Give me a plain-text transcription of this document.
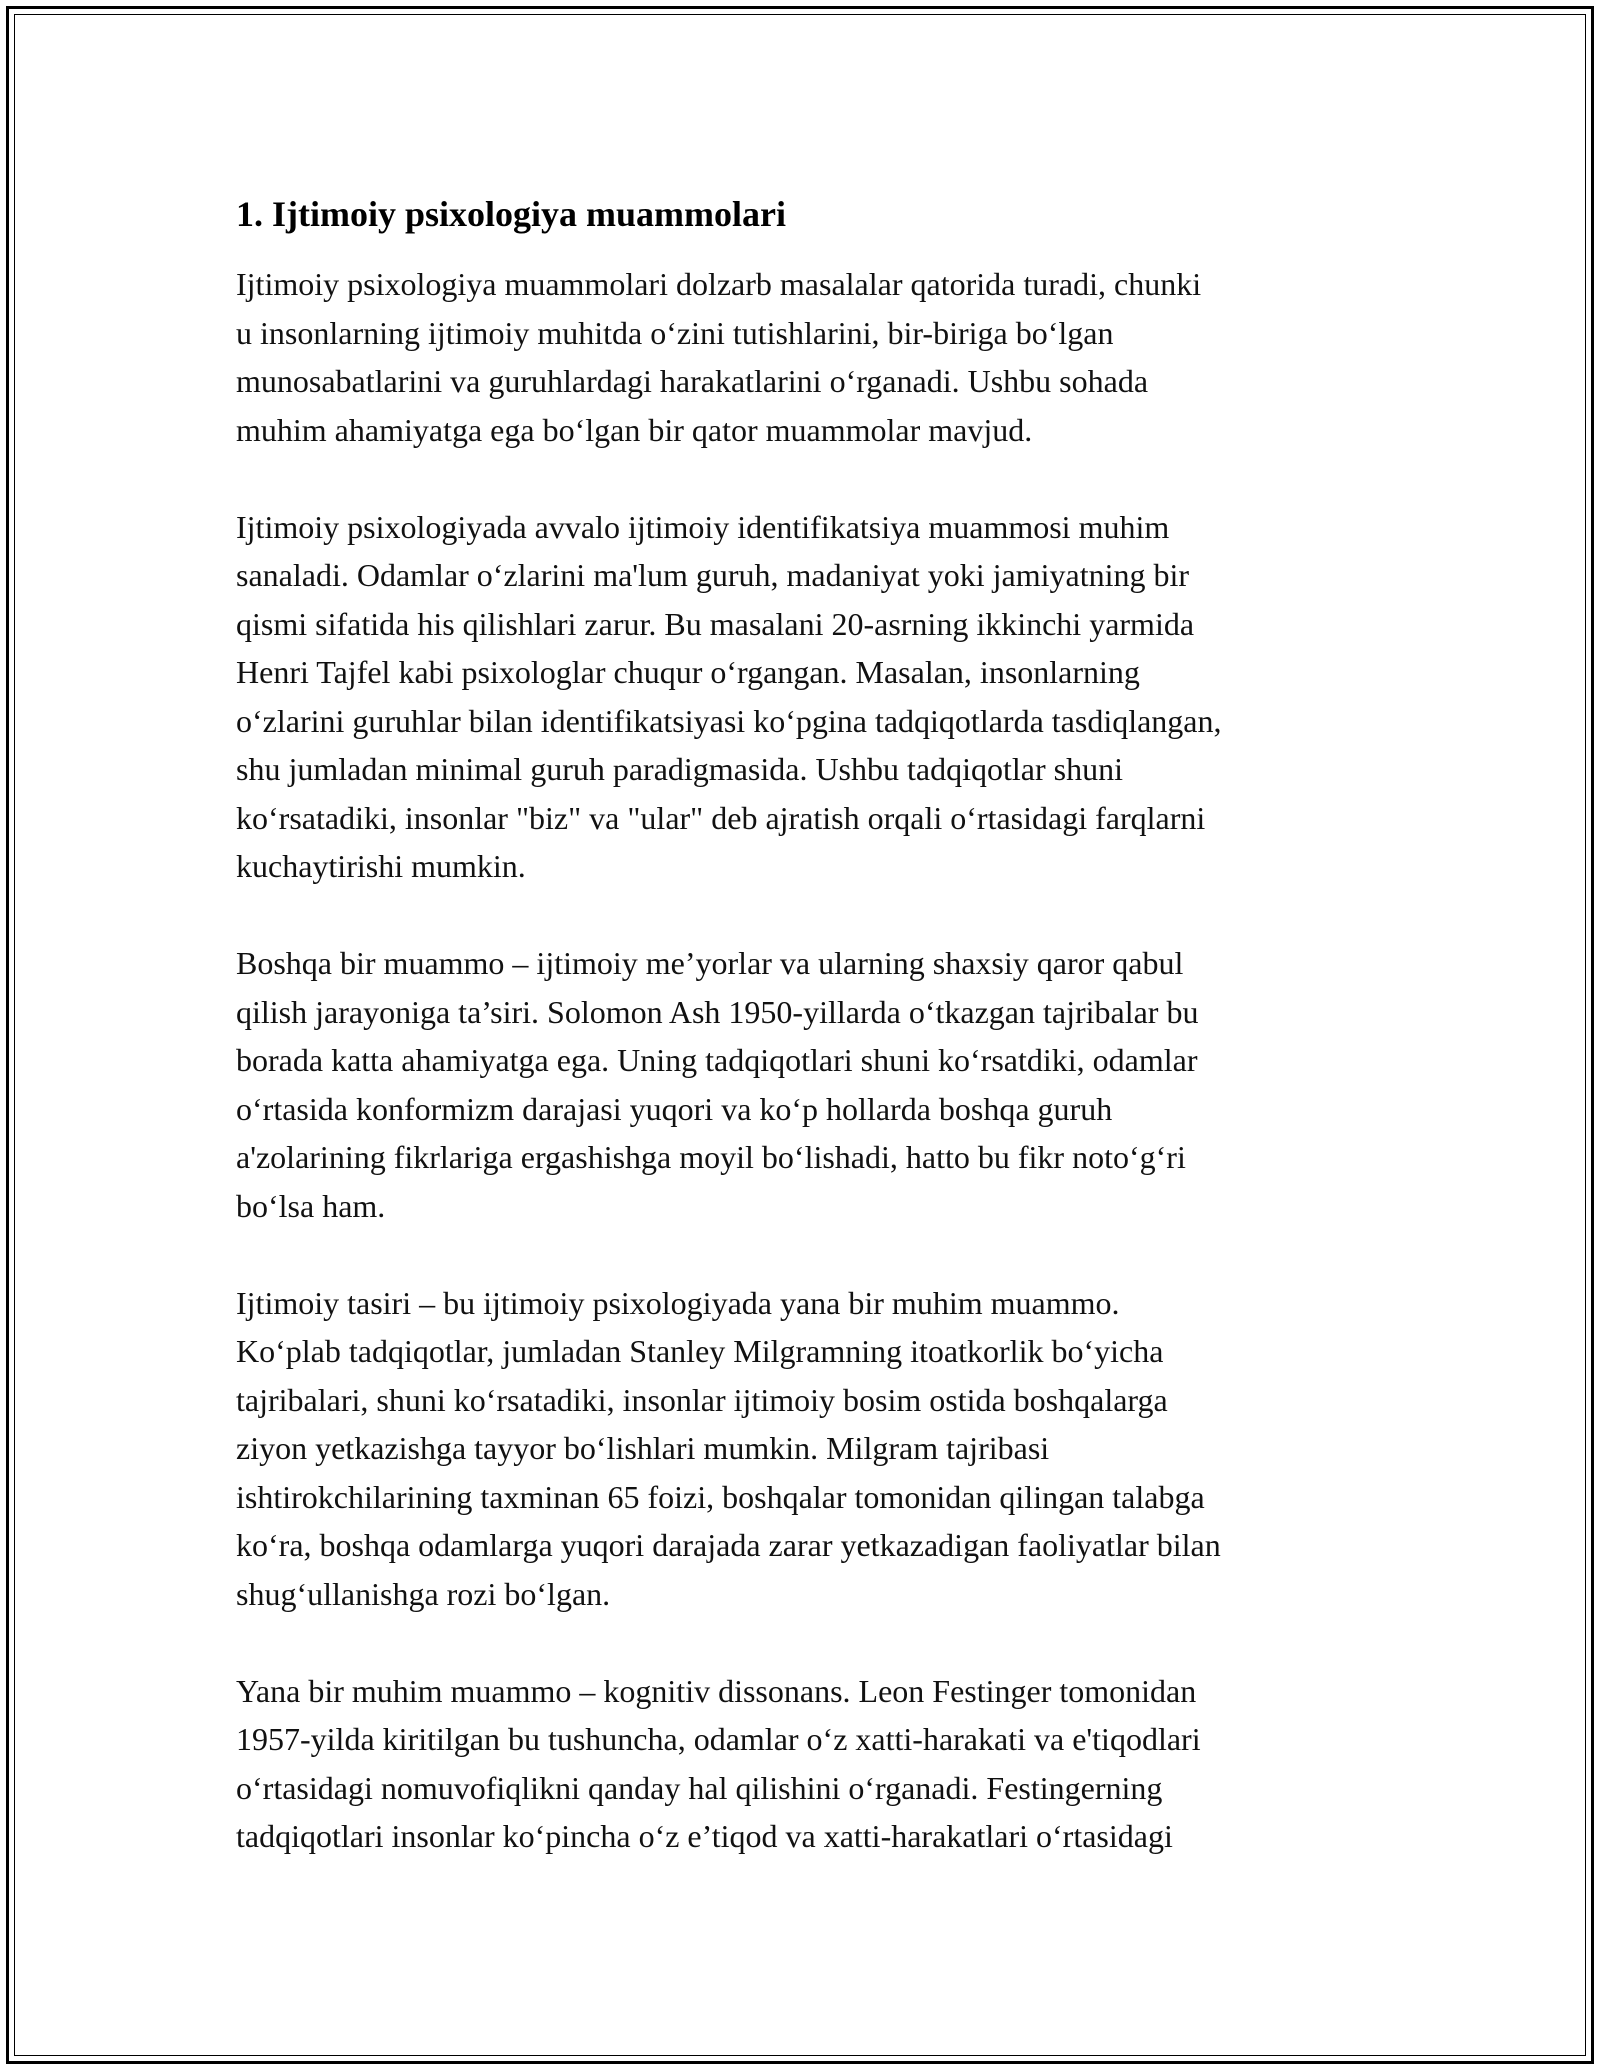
1. Ijtimoiy psixologiya muammolari
Ijtimoiy psixologiya muammolari dolzarb masalalar qatorida turadi, chunki
u insonlarning ijtimoiy muhitda o‘zini tutishlarini, bir-biriga bo‘lgan
munosabatlarini va guruhlardagi harakatlarini o‘rganadi. Ushbu sohada
muhim ahamiyatga ega bo‘lgan bir qator muammolar mavjud.
Ijtimoiy psixologiyada avvalo ijtimoiy identifikatsiya muammosi muhim
sanaladi. Odamlar o‘zlarini ma'lum guruh, madaniyat yoki jamiyatning bir
qismi sifatida his qilishlari zarur. Bu masalani 20-asrning ikkinchi yarmida
Henri Tajfel kabi psixologlar chuqur o‘rgangan. Masalan, insonlarning
o‘zlarini guruhlar bilan identifikatsiyasi ko‘pgina tadqiqotlarda tasdiqlangan,
shu jumladan minimal guruh paradigmasida. Ushbu tadqiqotlar shuni
ko‘rsatadiki, insonlar "biz" va "ular" deb ajratish orqali o‘rtasidagi farqlarni
kuchaytirishi mumkin.
Boshqa bir muammo – ijtimoiy me’yorlar va ularning shaxsiy qaror qabul
qilish jarayoniga ta’siri. Solomon Ash 1950-yillarda o‘tkazgan tajribalar bu
borada katta ahamiyatga ega. Uning tadqiqotlari shuni ko‘rsatdiki, odamlar
o‘rtasida konformizm darajasi yuqori va ko‘p hollarda boshqa guruh
a'zolarining fikrlariga ergashishga moyil bo‘lishadi, hatto bu fikr noto‘g‘ri
bo‘lsa ham.
Ijtimoiy tasiri – bu ijtimoiy psixologiyada yana bir muhim muammo.
Ko‘plab tadqiqotlar, jumladan Stanley Milgramning itoatkorlik bo‘yicha
tajribalari, shuni ko‘rsatadiki, insonlar ijtimoiy bosim ostida boshqalarga
ziyon yetkazishga tayyor bo‘lishlari mumkin. Milgram tajribasi
ishtirokchilarining taxminan 65 foizi, boshqalar tomonidan qilingan talabga
ko‘ra, boshqa odamlarga yuqori darajada zarar yetkazadigan faoliyatlar bilan
shug‘ullanishga rozi bo‘lgan.
Yana bir muhim muammo – kognitiv dissonans. Leon Festinger tomonidan
1957-yilda kiritilgan bu tushuncha, odamlar o‘z xatti-harakati va e'tiqodlari
o‘rtasidagi nomuvofiqlikni qanday hal qilishini o‘rganadi. Festingerning
tadqiqotlari insonlar ko‘pincha o‘z e’tiqod va xatti-harakatlari o‘rtasidagi
